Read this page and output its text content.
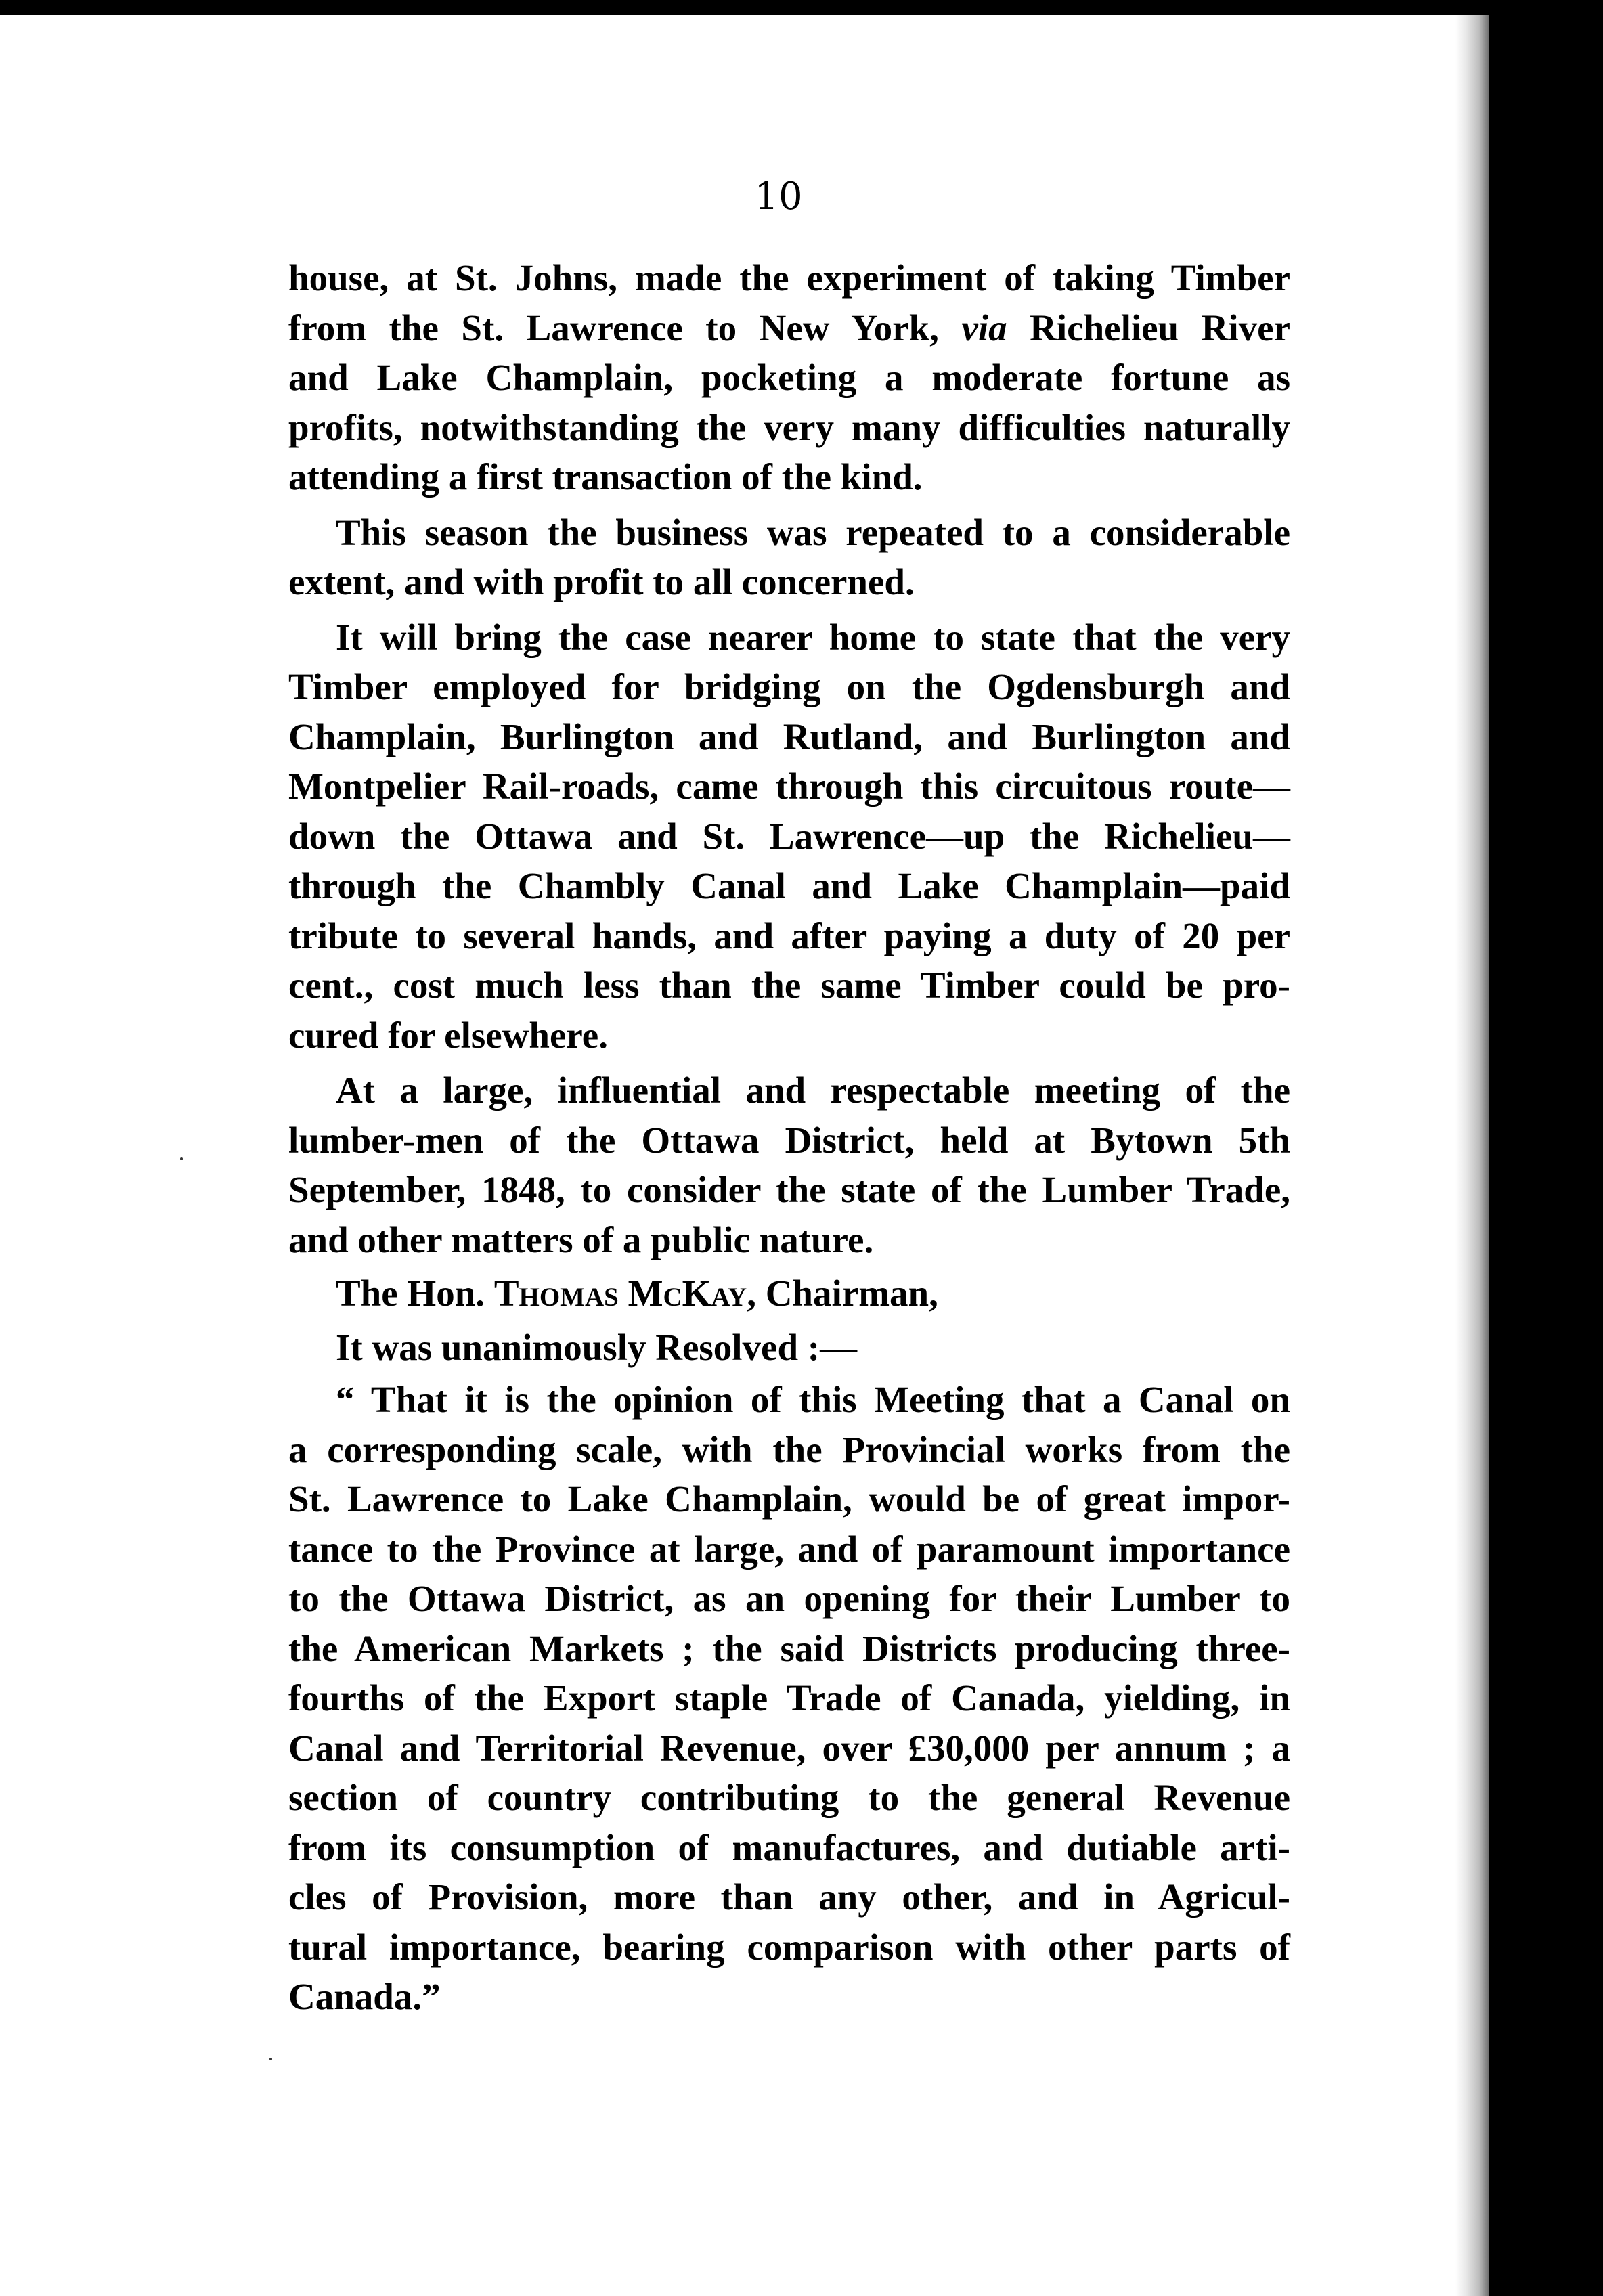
10
house, at St. Johns, made the experiment of taking Timber
from the St. Lawrence to New York, via Richelieu River
and Lake Champlain, pocketing a moderate fortune as
profits, notwithstanding the very many difficulties naturally
attending a first transaction of the kind.
This season the business was repeated to a considerable
extent, and with profit to all concerned.
It will bring the case nearer home to state that the very
Timber employed for bridging on the Ogdensburgh and
Champlain, Burlington and Rutland, and Burlington and
Montpelier Rail-roads, came through this circuitous route—
down the Ottawa and St. Lawrence—up the Richelieu—
through the Chambly Canal and Lake Champlain—paid
tribute to several hands, and after paying a duty of 20 per
cent., cost much less than the same Timber could be pro-
cured for elsewhere.
At a large, influential and respectable meeting of the
lumber-men of the Ottawa District, held at Bytown 5th
September, 1848, to consider the state of the Lumber Trade,
and other matters of a public nature.
The Hon. Thomas McKay, Chairman,
It was unanimously Resolved :—
“ That it is the opinion of this Meeting that a Canal on
a corresponding scale, with the Provincial works from the
St. Lawrence to Lake Champlain, would be of great impor-
tance to the Province at large, and of paramount importance
to the Ottawa District, as an opening for their Lumber to
the American Markets ; the said Districts producing three-
fourths of the Export staple Trade of Canada, yielding, in
Canal and Territorial Revenue, over £30,000 per annum ; a
section of country contributing to the general Revenue
from its consumption of manufactures, and dutiable arti-
cles of Provision, more than any other, and in Agricul-
tural importance, bearing comparison with other parts of
Canada.”
